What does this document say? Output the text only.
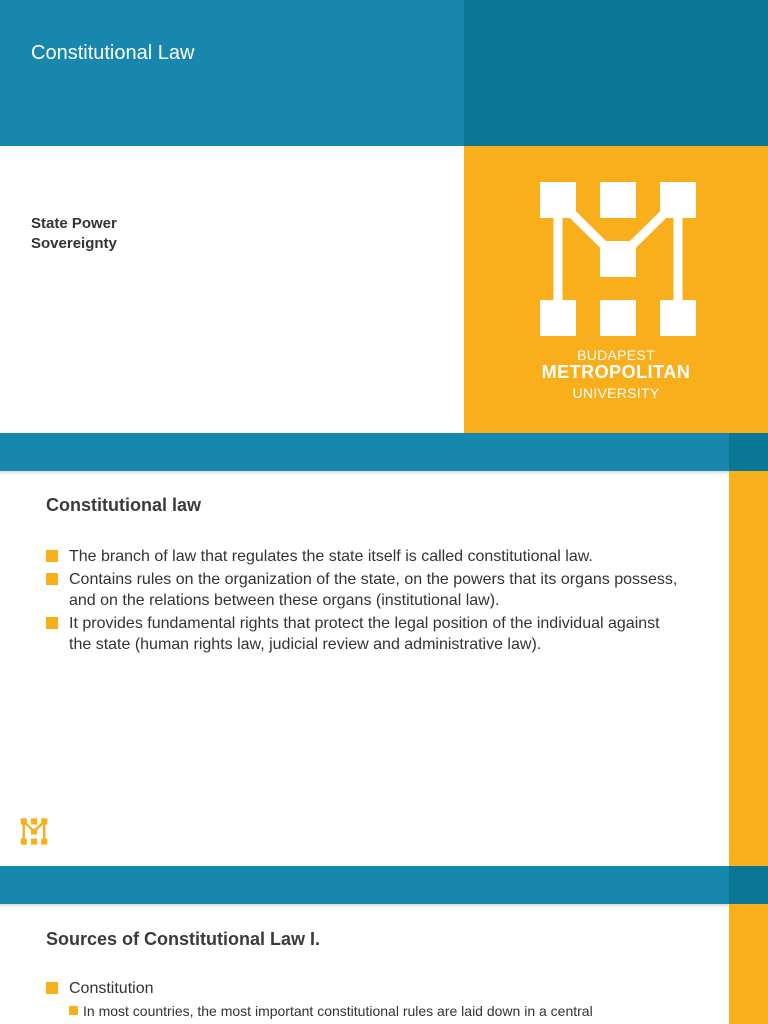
Constitutional Law
State Power
Sovereignty
BUDAPEST
METROPOLITAN
UNIVERSITY
Constitutional law
The branch of law that regulates the state itself is called constitutional law.
Contains rules on the organization of the state, on the powers that its organs possess, and on the relations between these organs (institutional law).
It provides fundamental rights that protect the legal position of the individual against the state (human rights law, judicial review and administrative law).
Sources of Constitutional Law I.
Constitution
In most countries, the most important constitutional rules are laid down in a central
